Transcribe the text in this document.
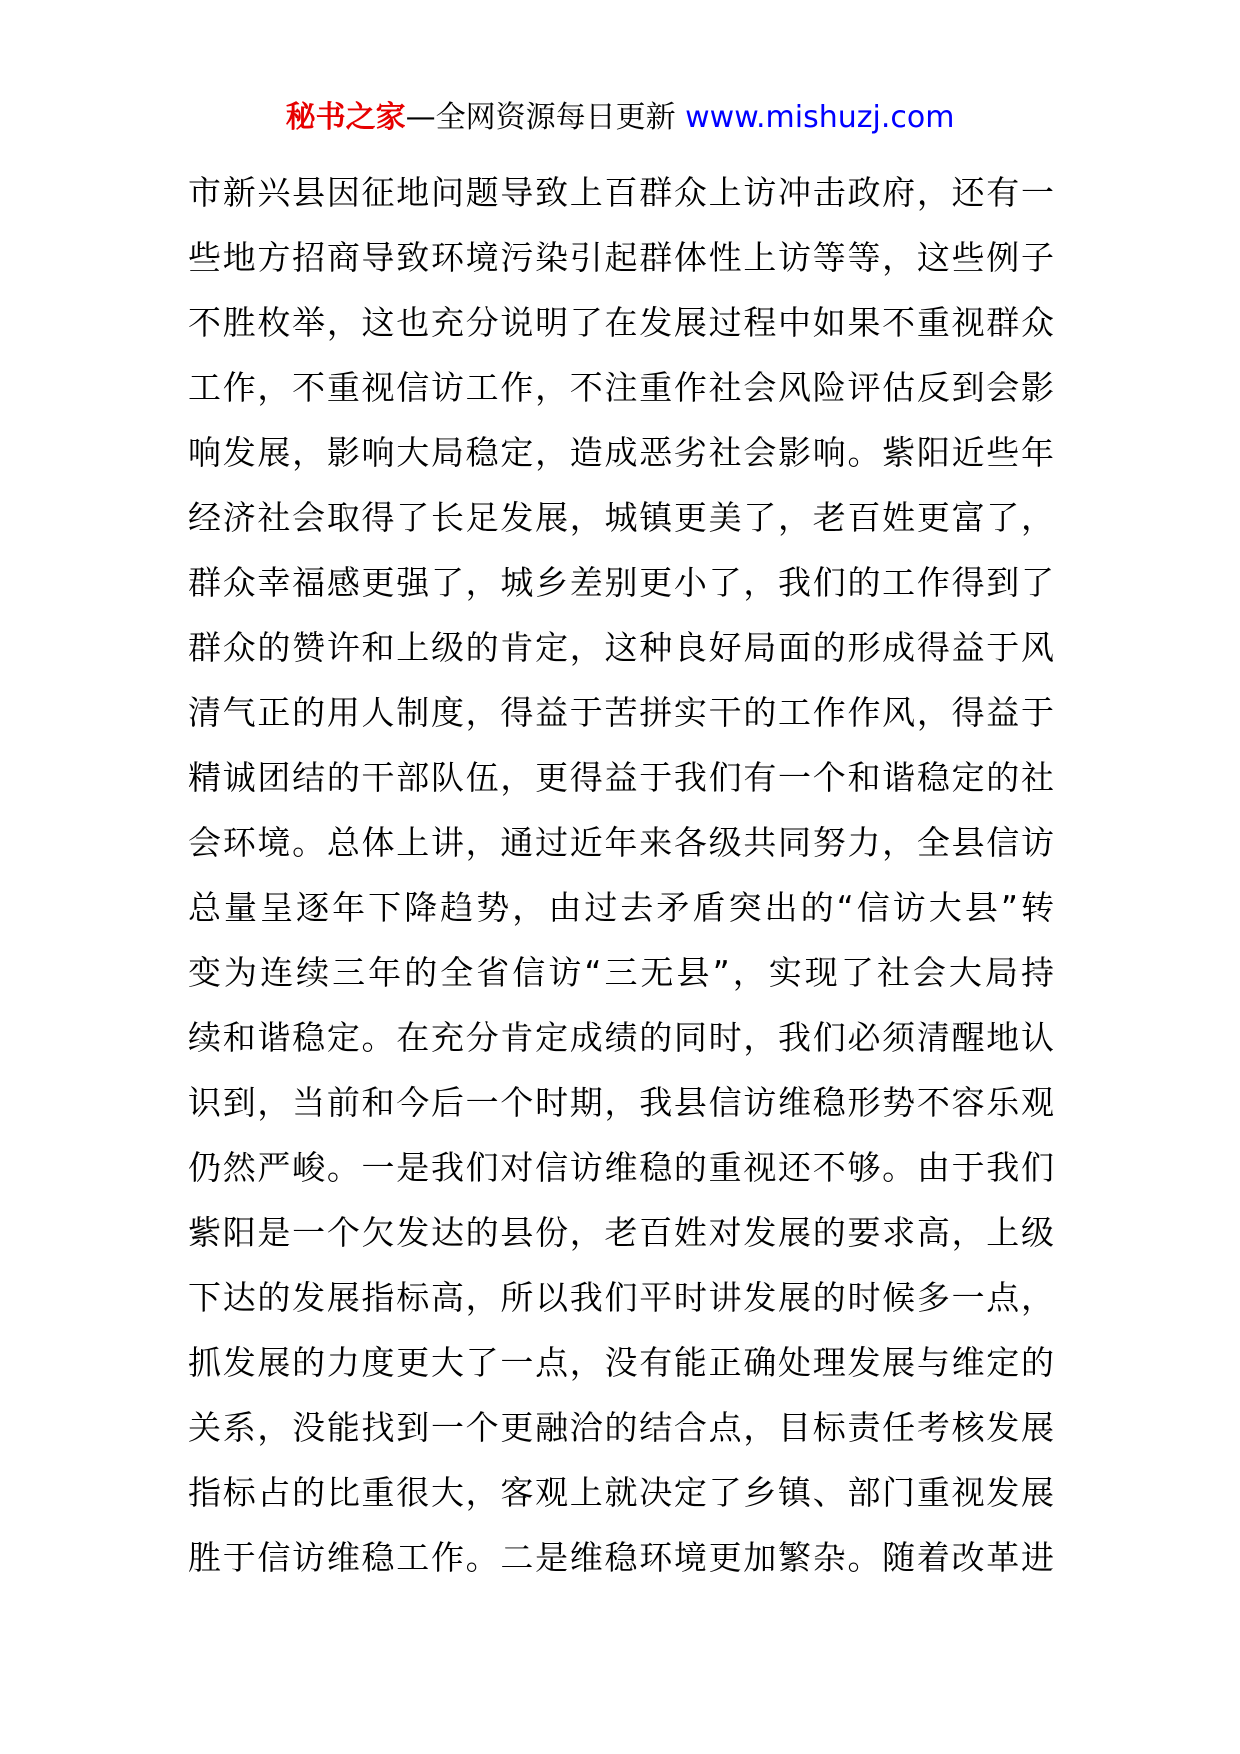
秘书之家—全网资源每日更新 www.mishuzj.com
市新兴县因征地问题导致上百群众上访冲击政府，还有一
些地方招商导致环境污染引起群体性上访等等，这些例子
不胜枚举，这也充分说明了在发展过程中如果不重视群众
工作，不重视信访工作，不注重作社会风险评估反到会影
响发展，影响大局稳定，造成恶劣社会影响。紫阳近些年
经济社会取得了长足发展，城镇更美了，老百姓更富了，
群众幸福感更强了，城乡差别更小了，我们的工作得到了
群众的赞许和上级的肯定，这种良好局面的形成得益于风
清气正的用人制度，得益于苦拼实干的工作作风，得益于
精诚团结的干部队伍，更得益于我们有一个和谐稳定的社
会环境。总体上讲，通过近年来各级共同努力，全县信访
总量呈逐年下降趋势，由过去矛盾突出的“信访大县”转
变为连续三年的全省信访“三无县”，实现了社会大局持
续和谐稳定。在充分肯定成绩的同时，我们必须清醒地认
识到，当前和今后一个时期，我县信访维稳形势不容乐观
仍然严峻。一是我们对信访维稳的重视还不够。由于我们
紫阳是一个欠发达的县份，老百姓对发展的要求高，上级
下达的发展指标高，所以我们平时讲发展的时候多一点，
抓发展的力度更大了一点，没有能正确处理发展与维定的
关系，没能找到一个更融洽的结合点，目标责任考核发展
指标占的比重很大，客观上就决定了乡镇、部门重视发展
胜于信访维稳工作。二是维稳环境更加繁杂。随着改革进
